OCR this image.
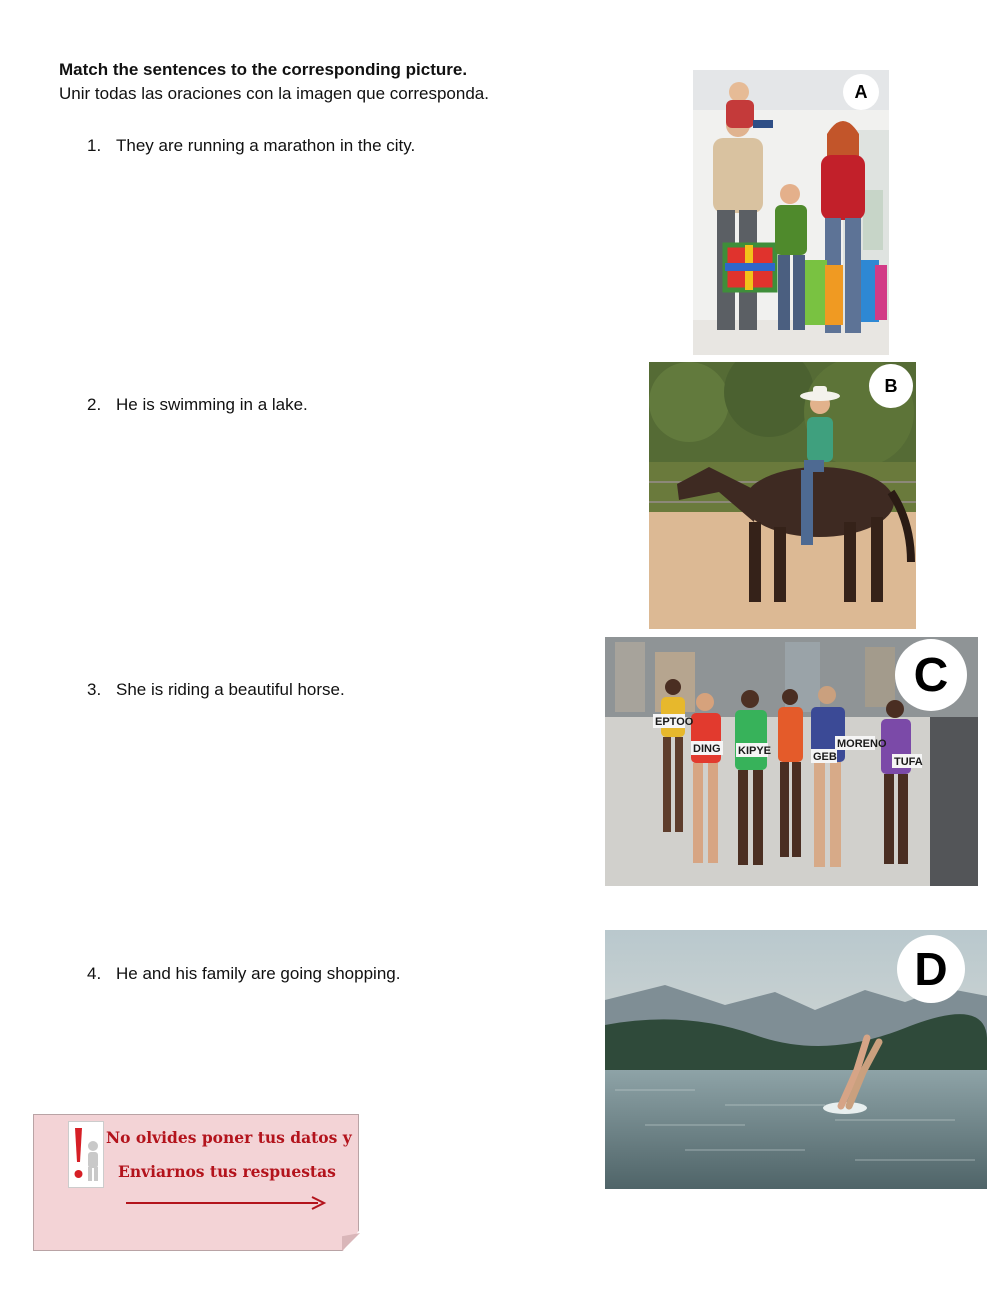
Match the sentences to the corresponding picture.
Unir todas las oraciones con la imagen que corresponda.
1. They are running a marathon in the city.
2. He is swimming in a lake.
3. She is riding a beautiful horse.
4. He and his family are going shopping.
A
B
EPTOO
DING KIPYE	GEB
MORENO
TUFA
C
D
No olvides poner tus datos y
Enviarnos tus respuestas
